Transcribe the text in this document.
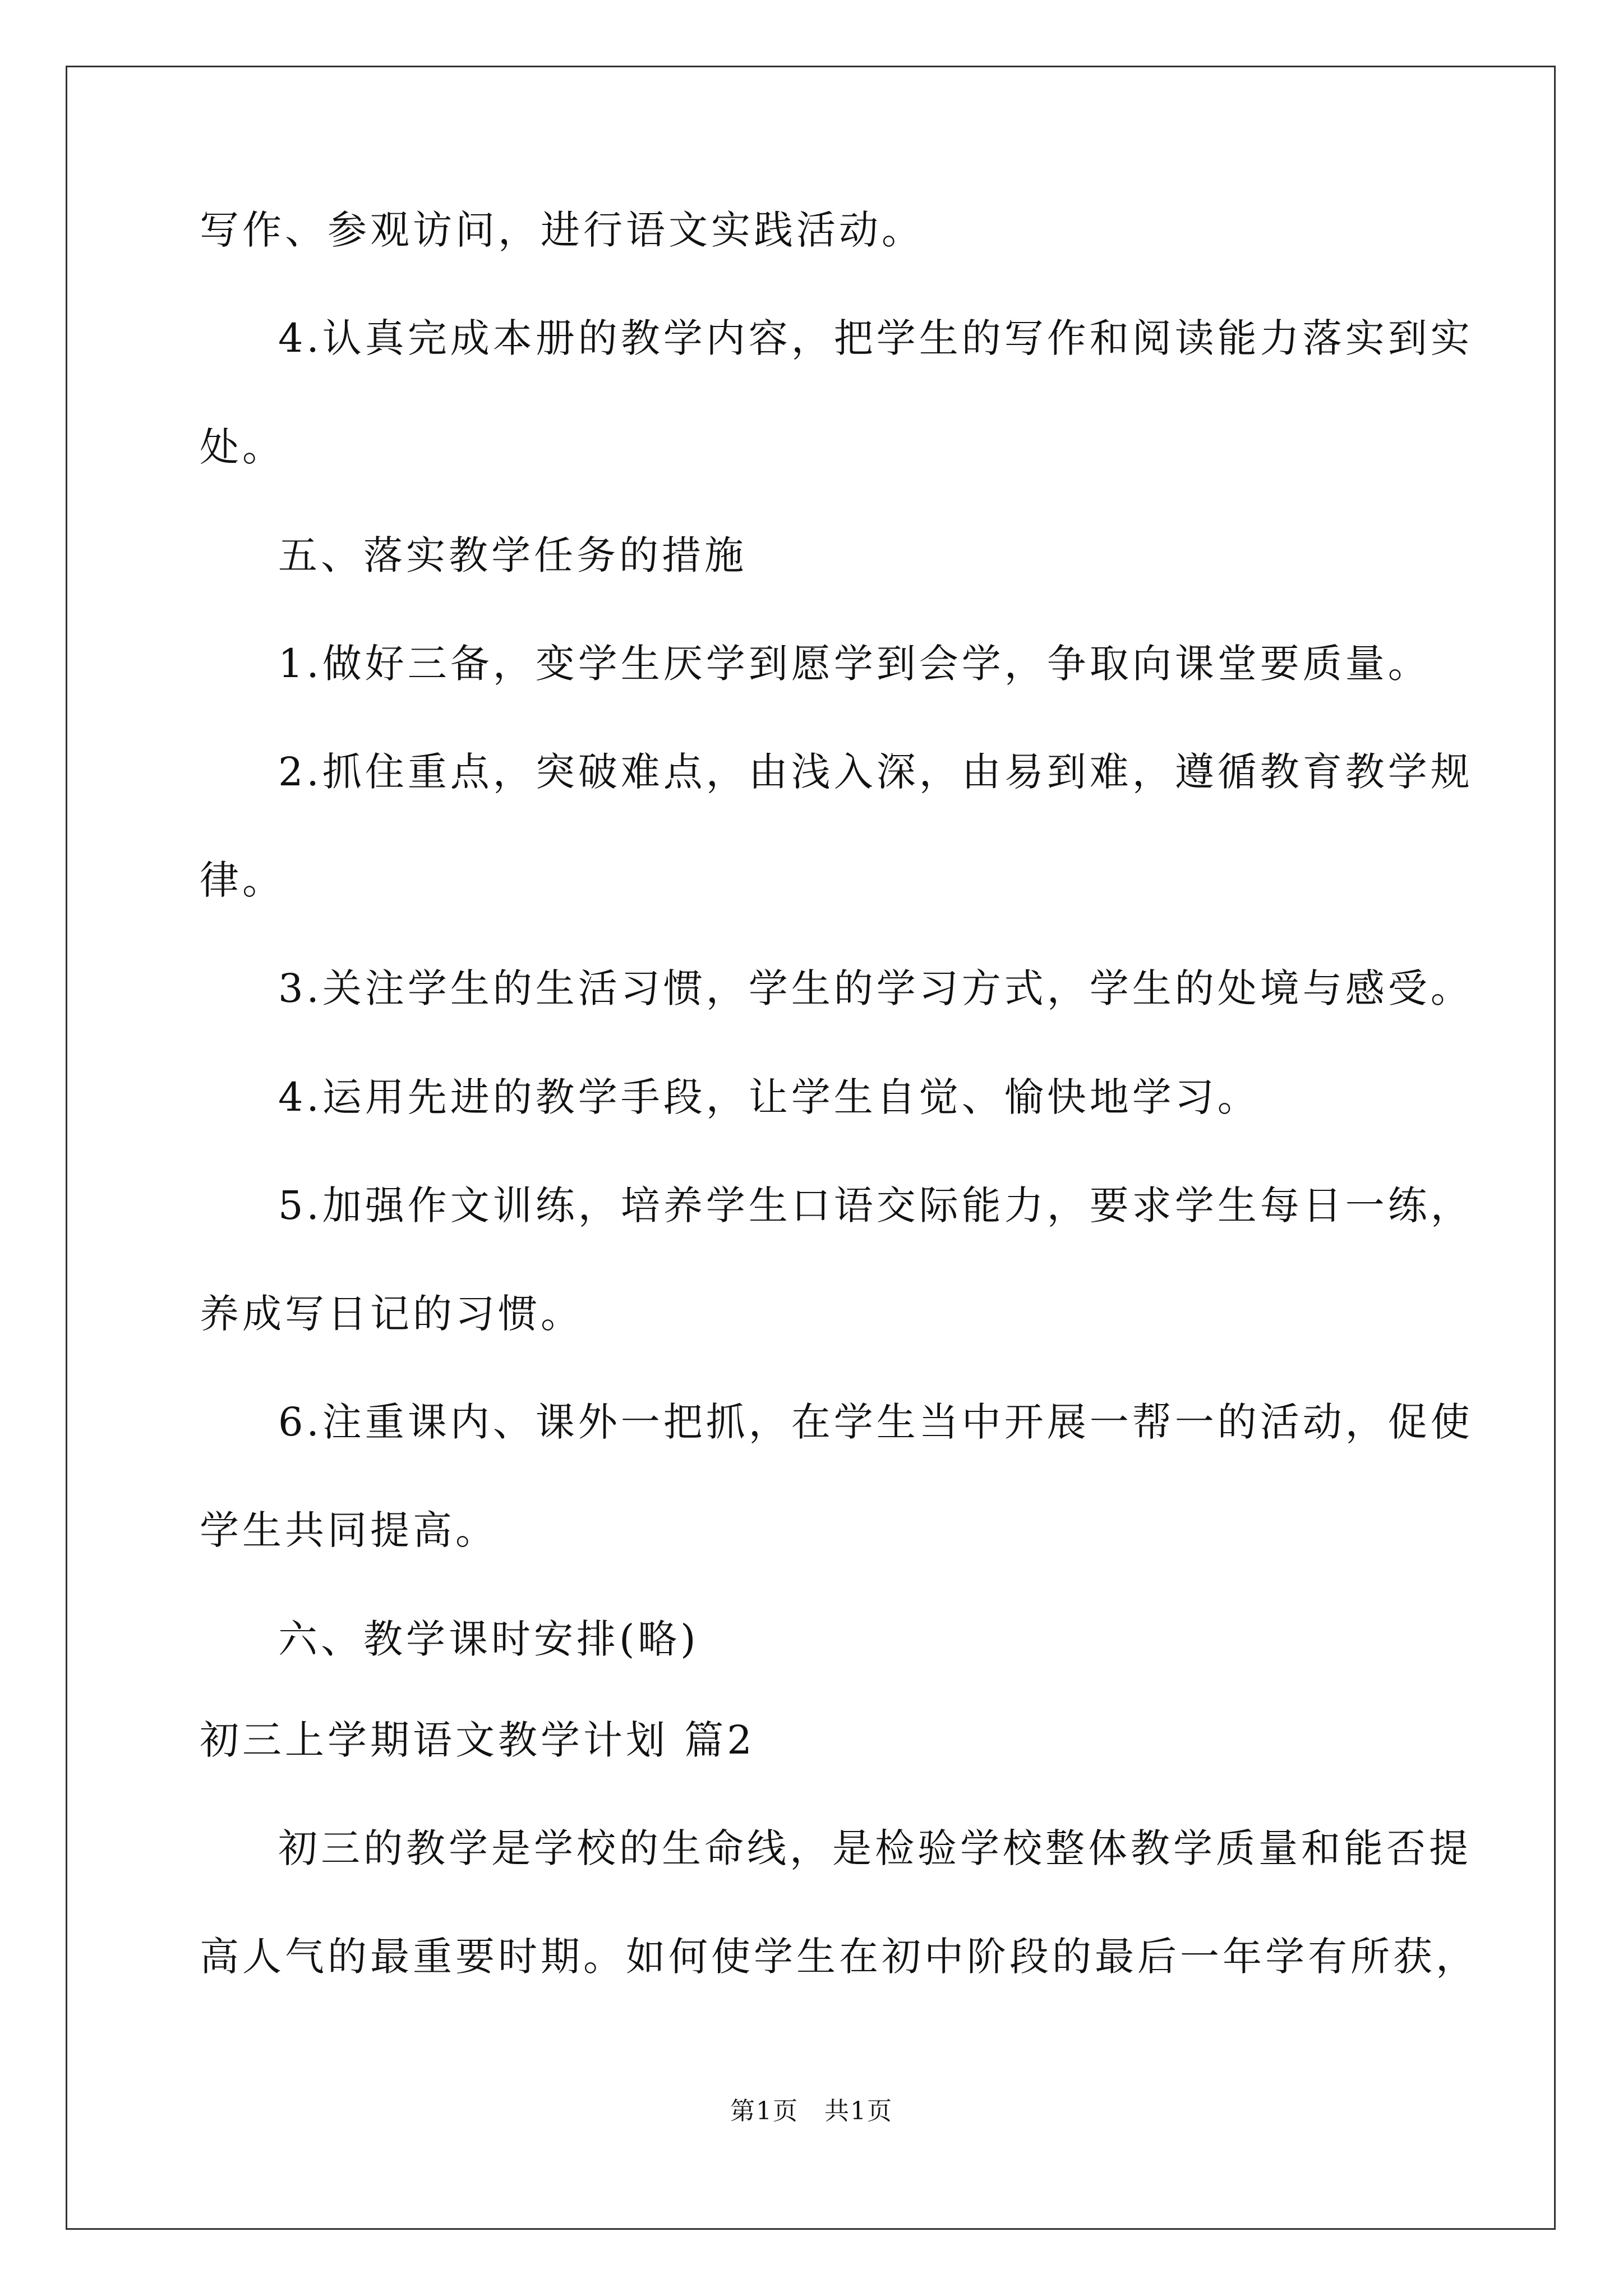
写作、参观访问，进行语文实践活动。
4.认真完成本册的教学内容，把学生的写作和阅读能力落实到实
处。
五、落实教学任务的措施
1.做好三备，变学生厌学到愿学到会学，争取向课堂要质量。
2.抓住重点，突破难点，由浅入深，由易到难，遵循教育教学规
律。
3.关注学生的生活习惯，学生的学习方式，学生的处境与感受。
4.运用先进的教学手段，让学生自觉、愉快地学习。
5.加强作文训练，培养学生口语交际能力，要求学生每日一练，
养成写日记的习惯。
6.注重课内、课外一把抓，在学生当中开展一帮一的活动，促使
学生共同提高。
六、教学课时安排(略)
初三上学期语文教学计划 篇2
初三的教学是学校的生命线，是检验学校整体教学质量和能否提
高人气的最重要时期。如何使学生在初中阶段的最后一年学有所获，
第1页　共1页
